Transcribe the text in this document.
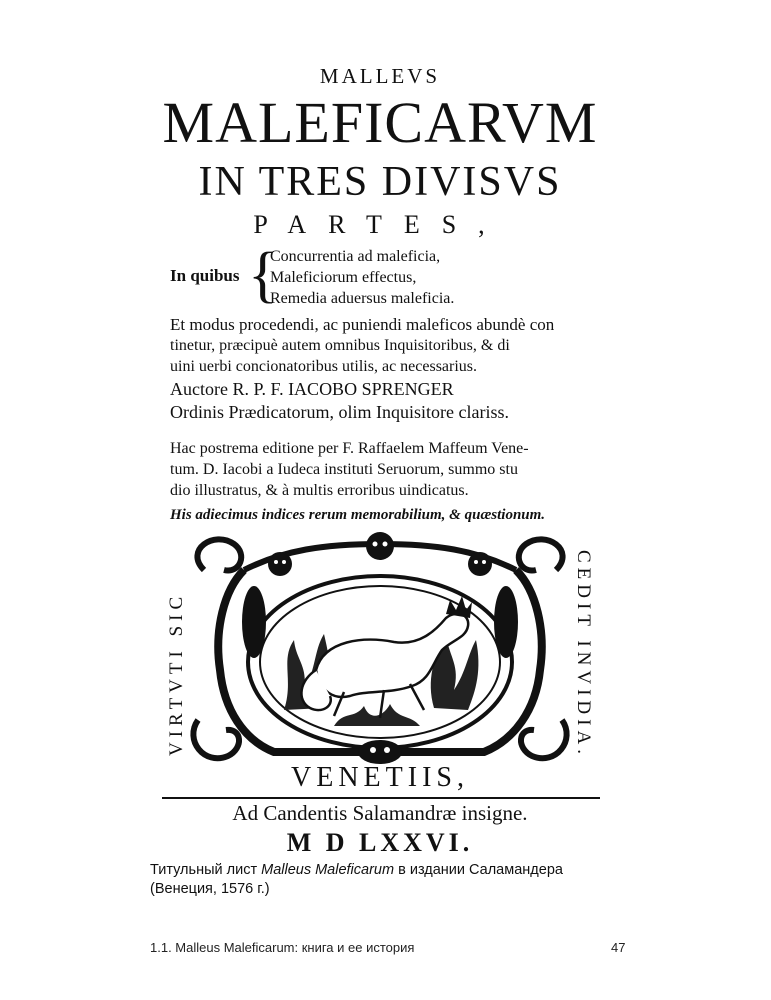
MALLEVS
MALEFICARVM
IN TRES DIVISVS
PARTES,
In quibus {
Concurrentia ad maleficia,
Maleficiorum effectus,
Remedia aduersus maleficia.
Et modus procedendi, ac puniendi maleficos abundè con
tinetur, præcipuè autem omnibus Inquisitoribus, & di
uini uerbi concionatoribus utilis, ac necessarius.
Auctore R. P. F. IACOBO SPRENGER
Ordinis Prædicatorum, olim Inquisitore clariss.
Hac postrema editione per F. Raffaelem Maffeum Vene-
tum. D. Iacobi a Iudeca instituti Seruorum, summo stu
dio illustratus, & à multis erroribus uindicatus.
His adiecimus indices rerum memorabilium, & quæstionum.
VIRTVTI SIC	CEDIT INVIDIA.
VENETIIS,
Ad Candentis Salamandræ insigne.
M D LXXVI.
Титульный лист Malleus Maleficarum в издании Саламандера (Венеция, 1576 г.)
1.1. Malleus Maleficarum: книга и ее история	47
